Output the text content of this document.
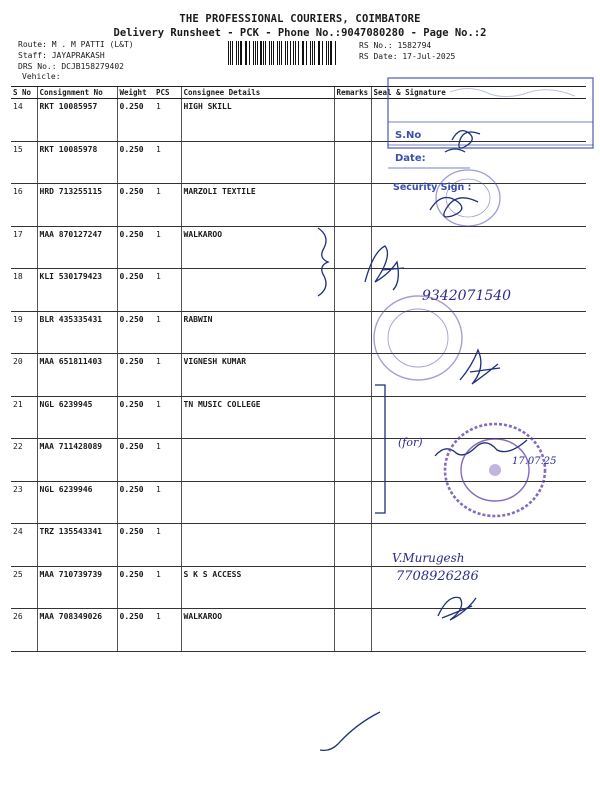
THE PROFESSIONAL COURIERS, COIMBATORE
Delivery Runsheet - PCK - Phone No.:9047080280 - Page No.:2
Route: M . M PATTI (L&T)
Staff: JAYAPRAKASH
DRS No.: DCJB158279402
Vehicle:
RS No.: 1582794
RS Date: 17-Jul-2025
S No	Consignment No	Weight	PCS	Consignee Details	Remarks	Seal & Signature
14	RKT 10085957	0.250	1	HIGH SKILL		
15	RKT 10085978	0.250	1			
16	HRD 713255115	0.250	1	MARZOLI TEXTILE		
17	MAA 870127247	0.250	1	WALKAROO		
18	KLI 530179423	0.250	1			
19	BLR 435335431	0.250	1	RABWIN		
20	MAA 651811403	0.250	1	VIGNESH KUMAR		
21	NGL 6239945	0.250	1	TN MUSIC COLLEGE		
22	MAA 711428089	0.250	1			
23	NGL 6239946	0.250	1			
24	TRZ 135543341	0.250	1			
25	MAA 710739739	0.250	1	S K S ACCESS		
26	MAA 708349026	0.250	1	WALKAROO		
S.No
Date:
Security Sign :
9342071540
(for)
17.07.25
V.Murugesh
7708926286
